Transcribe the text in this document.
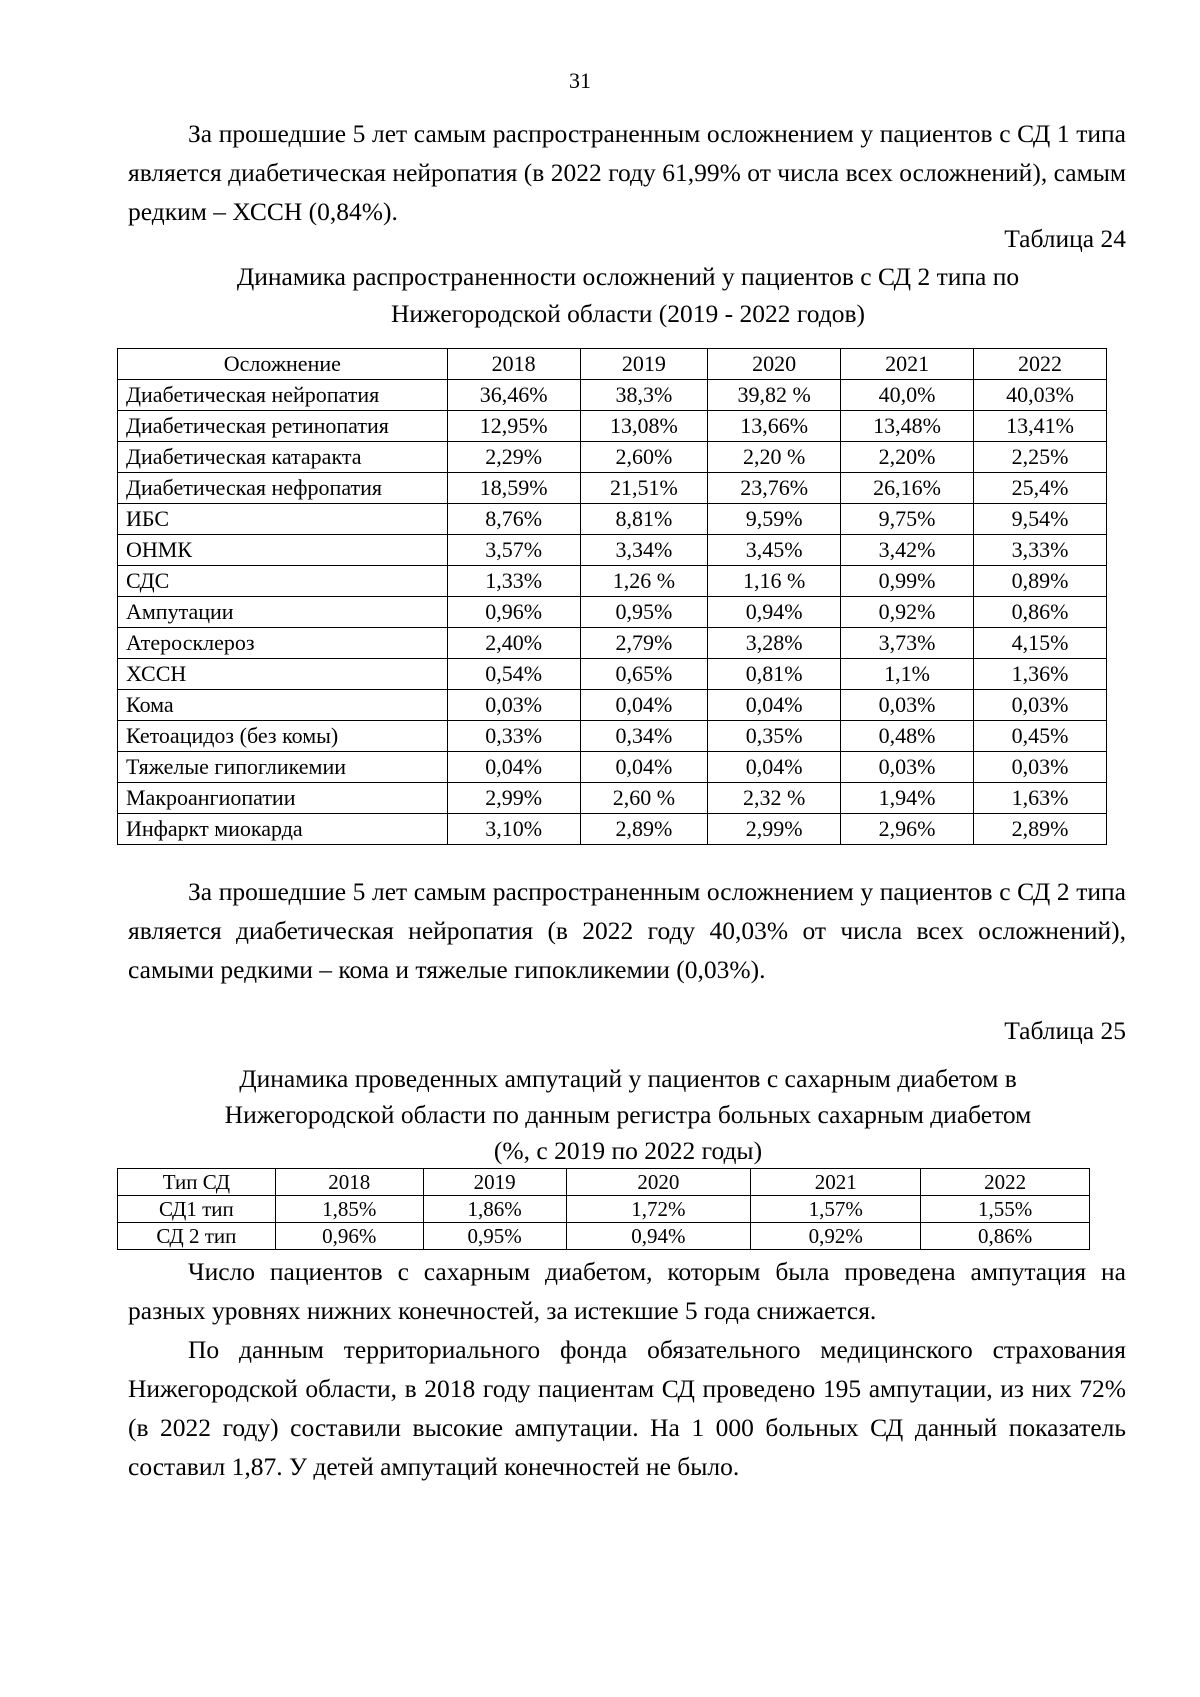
31

За прошедшие 5 лет самым распространенным осложнением у пациентов с СД 1 типа является диабетическая нейропатия (в 2022 году 61,99% от числа всех осложнений), самым редким – ХССН (0,84%).

Таблица 24

Динамика распространенности осложнений у пациентов с СД 2 типа по

Нижегородской области (2019 - 2022 годов)

Осложнение	2018	2019	2020	2021	2022
Диабетическая нейропатия	36,46%	38,3%	39,82 %	40,0%	40,03%
Диабетическая ретинопатия	12,95%	13,08%	13,66%	13,48%	13,41%
Диабетическая катаракта	2,29%	2,60%	2,20 %	2,20%	2,25%
Диабетическая нефропатия	18,59%	21,51%	23,76%	26,16%	25,4%
ИБС	8,76%	8,81%	9,59%	9,75%	9,54%
ОНМК	3,57%	3,34%	3,45%	3,42%	3,33%
СДС	1,33%	1,26 %	1,16 %	0,99%	0,89%
Ампутации	0,96%	0,95%	0,94%	0,92%	0,86%
Атеросклероз	2,40%	2,79%	3,28%	3,73%	4,15%
ХССН	0,54%	0,65%	0,81%	1,1%	1,36%
Кома	0,03%	0,04%	0,04%	0,03%	0,03%
Кетоацидоз (без комы)	0,33%	0,34%	0,35%	0,48%	0,45%
Тяжелые гипогликемии	0,04%	0,04%	0,04%	0,03%	0,03%
Макроангиопатии	2,99%	2,60 %	2,32 %	1,94%	1,63%
Инфаркт миокарда	3,10%	2,89%	2,99%	2,96%	2,89%

За прошедшие 5 лет самым распространенным осложнением у пациентов с СД 2 типа является диабетическая нейропатия (в 2022 году 40,03% от числа всех осложнений), самыми редкими – кома и тяжелые гипокликемии (0,03%).

Таблица 25

Динамика проведенных ампутаций у пациентов с сахарным диабетом в

Нижегородской области по данным регистра больных сахарным диабетом

(%, с 2019 по 2022 годы)

Тип СД	2018	2019	2020	2021	2022
СД1 тип	1,85%	1,86%	1,72%	1,57%	1,55%
СД 2 тип	0,96%	0,95%	0,94%	0,92%	0,86%

Число пациентов с сахарным диабетом, которым была проведена ампутация на разных уровнях нижних конечностей, за истекшие 5 года снижается.

По данным территориального фонда обязательного медицинского страхования Нижегородской области, в 2018 году пациентам СД проведено 195 ампутации, из них 72% (в 2022 году) составили высокие ампутации. На 1 000 больных СД данный показатель составил 1,87. У детей ампутаций конечностей не было.
